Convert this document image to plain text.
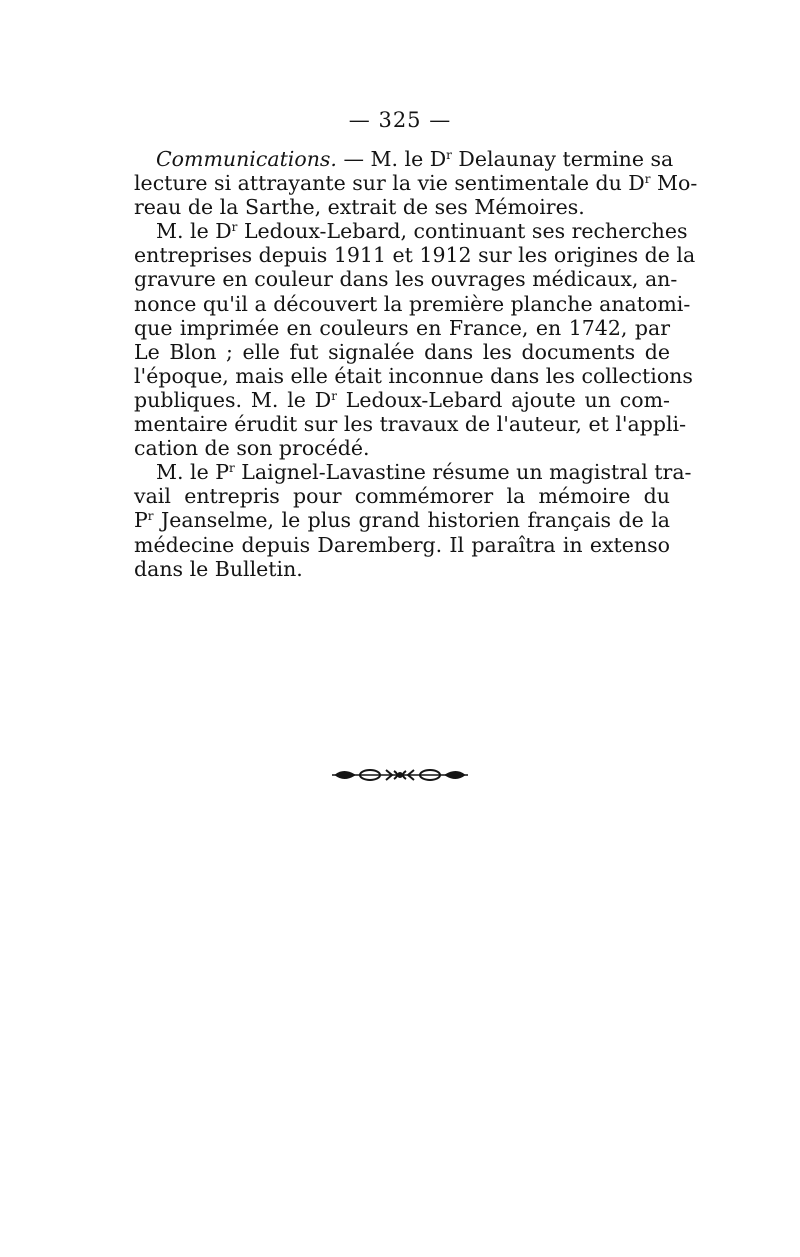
— 325 —
Communications. — M. le $D^r$ Delaunay termine sa
lecture si attrayante sur la vie sentimentale du $D^r$ Mo-
reau de la Sarthe, extrait de ses Mémoires.
M. le $D^r$ Ledoux-Lebard, continuant ses recherches
entreprises depuis 1911 et 1912 sur les origines de la
gravure en couleur dans les ouvrages médicaux, an-
nonce qu'il a découvert la première planche anatomi-
que imprimée en couleurs en France, en 1742, par
Le Blon ; elle fut signalée dans les documents de
l'époque, mais elle était inconnue dans les collections
publiques. M. le $D^r$ Ledoux-Lebard ajoute un com-
mentaire érudit sur les travaux de l'auteur, et l'appli-
cation de son procédé.
M. le $P^r$ Laignel-Lavastine résume un magistral tra-
vail entrepris pour commémorer la mémoire du
$P^r$ Jeanselme, le plus grand historien français de la
médecine depuis Daremberg. Il paraîtra in extenso
dans le Bulletin.
